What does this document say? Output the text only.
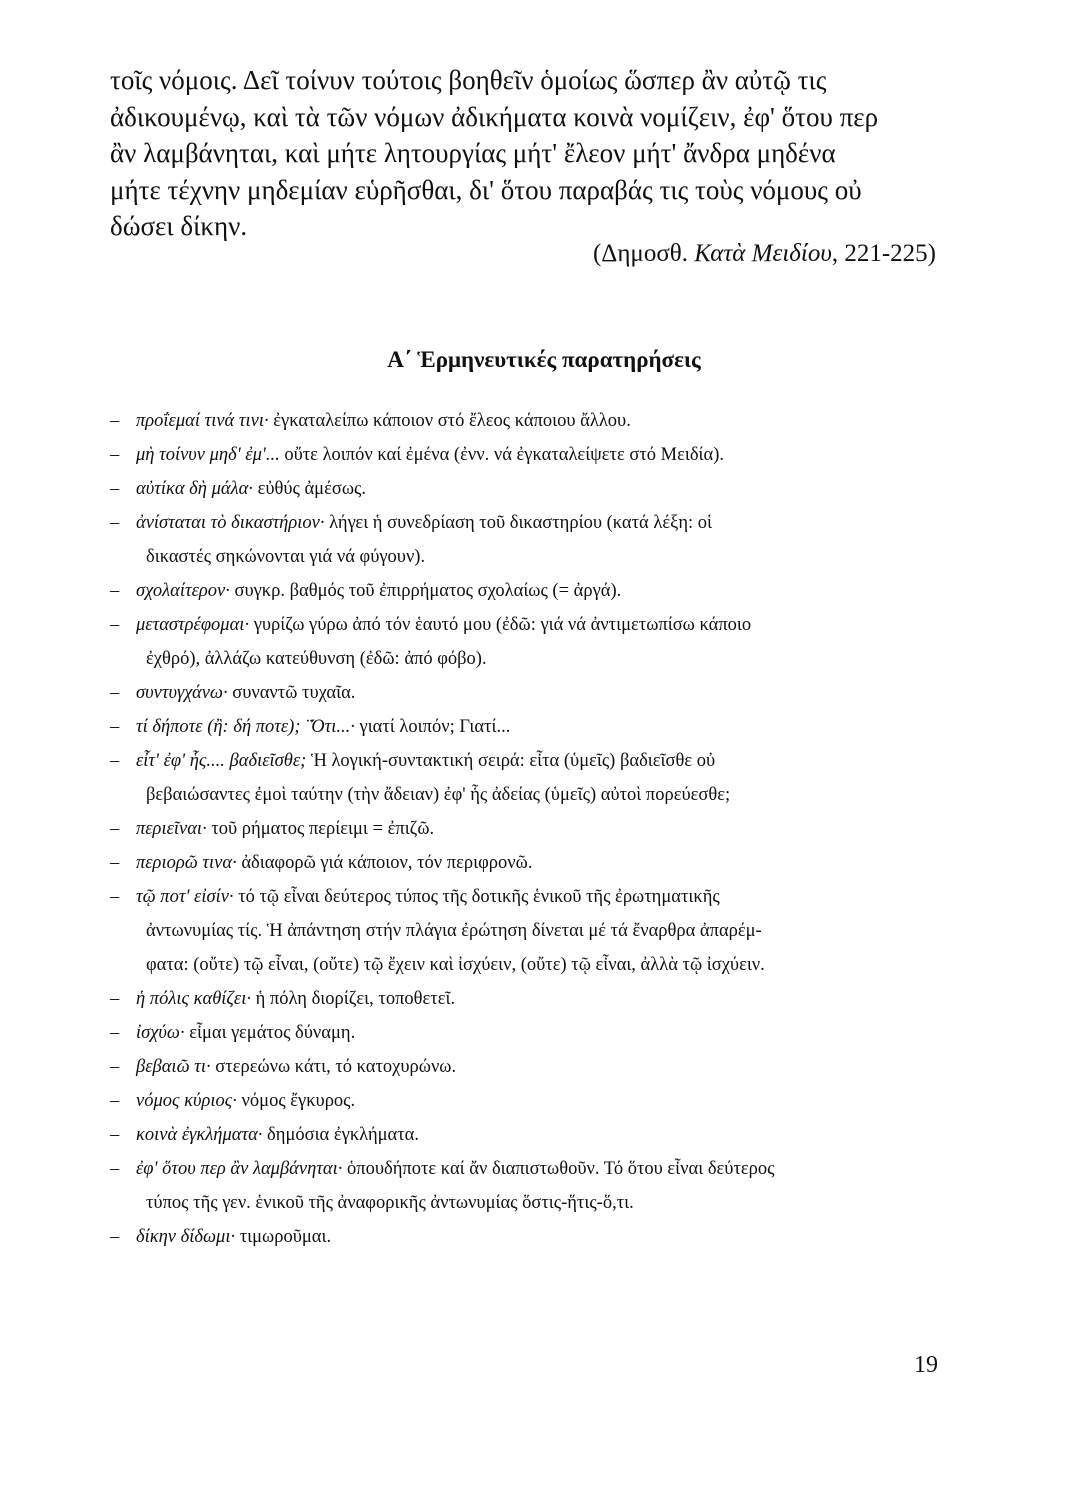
τοῖς νόμοις. Δεῖ τοίνυν τούτοις βοηθεῖν ὁμοίως ὥσπερ ἂν αὐτῷ τις
ἀδικουμένῳ, καὶ τὰ τῶν νόμων ἀδικήματα κοινὰ νομίζειν, ἐφ' ὅτου περ
ἂν λαμβάνηται, καὶ μήτε λητουργίας μήτ' ἔλεον μήτ' ἄνδρα μηδένα
μήτε τέχνην μηδεμίαν εὑρῆσθαι, δι' ὅτου παραβάς τις τοὺς νόμους οὐ
δώσει δίκην.
(Δημοσθ. Κατὰ Μειδίου, 221-225)
Α΄ Ἑρμηνευτικές παρατηρήσεις
– προΐεμαί τινά τινι· ἐγκαταλείπω κάποιον στό ἔλεος κάποιου ἄλλου.
– μὴ τοίνυν μηδ' ἐμ'... οὔτε λοιπόν καί ἐμένα (ἐνν. νά ἐγκαταλείψετε στό Μειδία).
– αὐτίκα δὴ μάλα· εὐθύς ἀμέσως.
– ἀνίσταται τὸ δικαστήριον· λήγει ἡ συνεδρίαση τοῦ δικαστηρίου (κατά λέξη: οἱ
δικαστές σηκώνονται γιά νά φύγουν).
– σχολαίτερον· συγκρ. βαθμός τοῦ ἐπιρρήματος σχολαίως (= ἀργά).
– μεταστρέφομαι· γυρίζω γύρω ἀπό τόν ἑαυτό μου (ἐδῶ: γιά νά ἀντιμετωπίσω κάποιο
ἐχθρό), ἀλλάζω κατεύθυνση (ἐδῶ: ἀπό φόβο).
– συντυγχάνω· συναντῶ τυχαῖα.
– τί δήποτε (ἢ: δή ποτε); ¨Ότι...· γιατί λοιπόν; Γιατί...
– εἶτ' ἐφ' ἧς.... βαδιεῖσθε; Ἡ λογική-συντακτική σειρά: εἶτα (ὑμεῖς) βαδιεῖσθε οὐ
βεβαιώσαντες ἐμοὶ ταύτην (τὴν ἄδειαν) ἐφ' ἧς ἀδείας (ὑμεῖς) αὐτοὶ πορεύεσθε;
– περιεῖναι· τοῦ ρήματος περίειμι = ἐπιζῶ.
– περιορῶ τινα· ἀδιαφορῶ γιά κάποιον, τόν περιφρονῶ.
– τῷ ποτ' εἰσίν· τό τῷ εἶναι δεύτερος τύπος τῆς δοτικῆς ἑνικοῦ τῆς ἐρωτηματικῆς
ἀντωνυμίας τίς. Ἡ ἀπάντηση στήν πλάγια ἐρώτηση δίνεται μέ τά ἔναρθρα ἀπαρέμ-
φατα: (οὔτε) τῷ εἶναι, (οὔτε) τῷ ἔχειν καὶ ἰσχύειν, (οὔτε) τῷ εἶναι, ἀλλὰ τῷ ἰσχύειν.
– ἡ πόλις καθίζει· ἡ πόλη διορίζει, τοποθετεῖ.
– ἰσχύω· εἶμαι γεμάτος δύναμη.
– βεβαιῶ τι· στερεώνω κάτι, τό κατοχυρώνω.
– νόμος κύριος· νόμος ἔγκυρος.
– κοινὰ ἐγκλήματα· δημόσια ἐγκλήματα.
– ἐφ' ὅτου περ ἂν λαμβάνηται· ὁπουδήποτε καί ἄν διαπιστωθοῦν. Τό ὅτου εἶναι δεύτερος
τύπος τῆς γεν. ἑνικοῦ τῆς ἀναφορικῆς ἀντωνυμίας ὅστις-ἥτις-ὅ,τι.
– δίκην δίδωμι· τιμωροῦμαι.
19
